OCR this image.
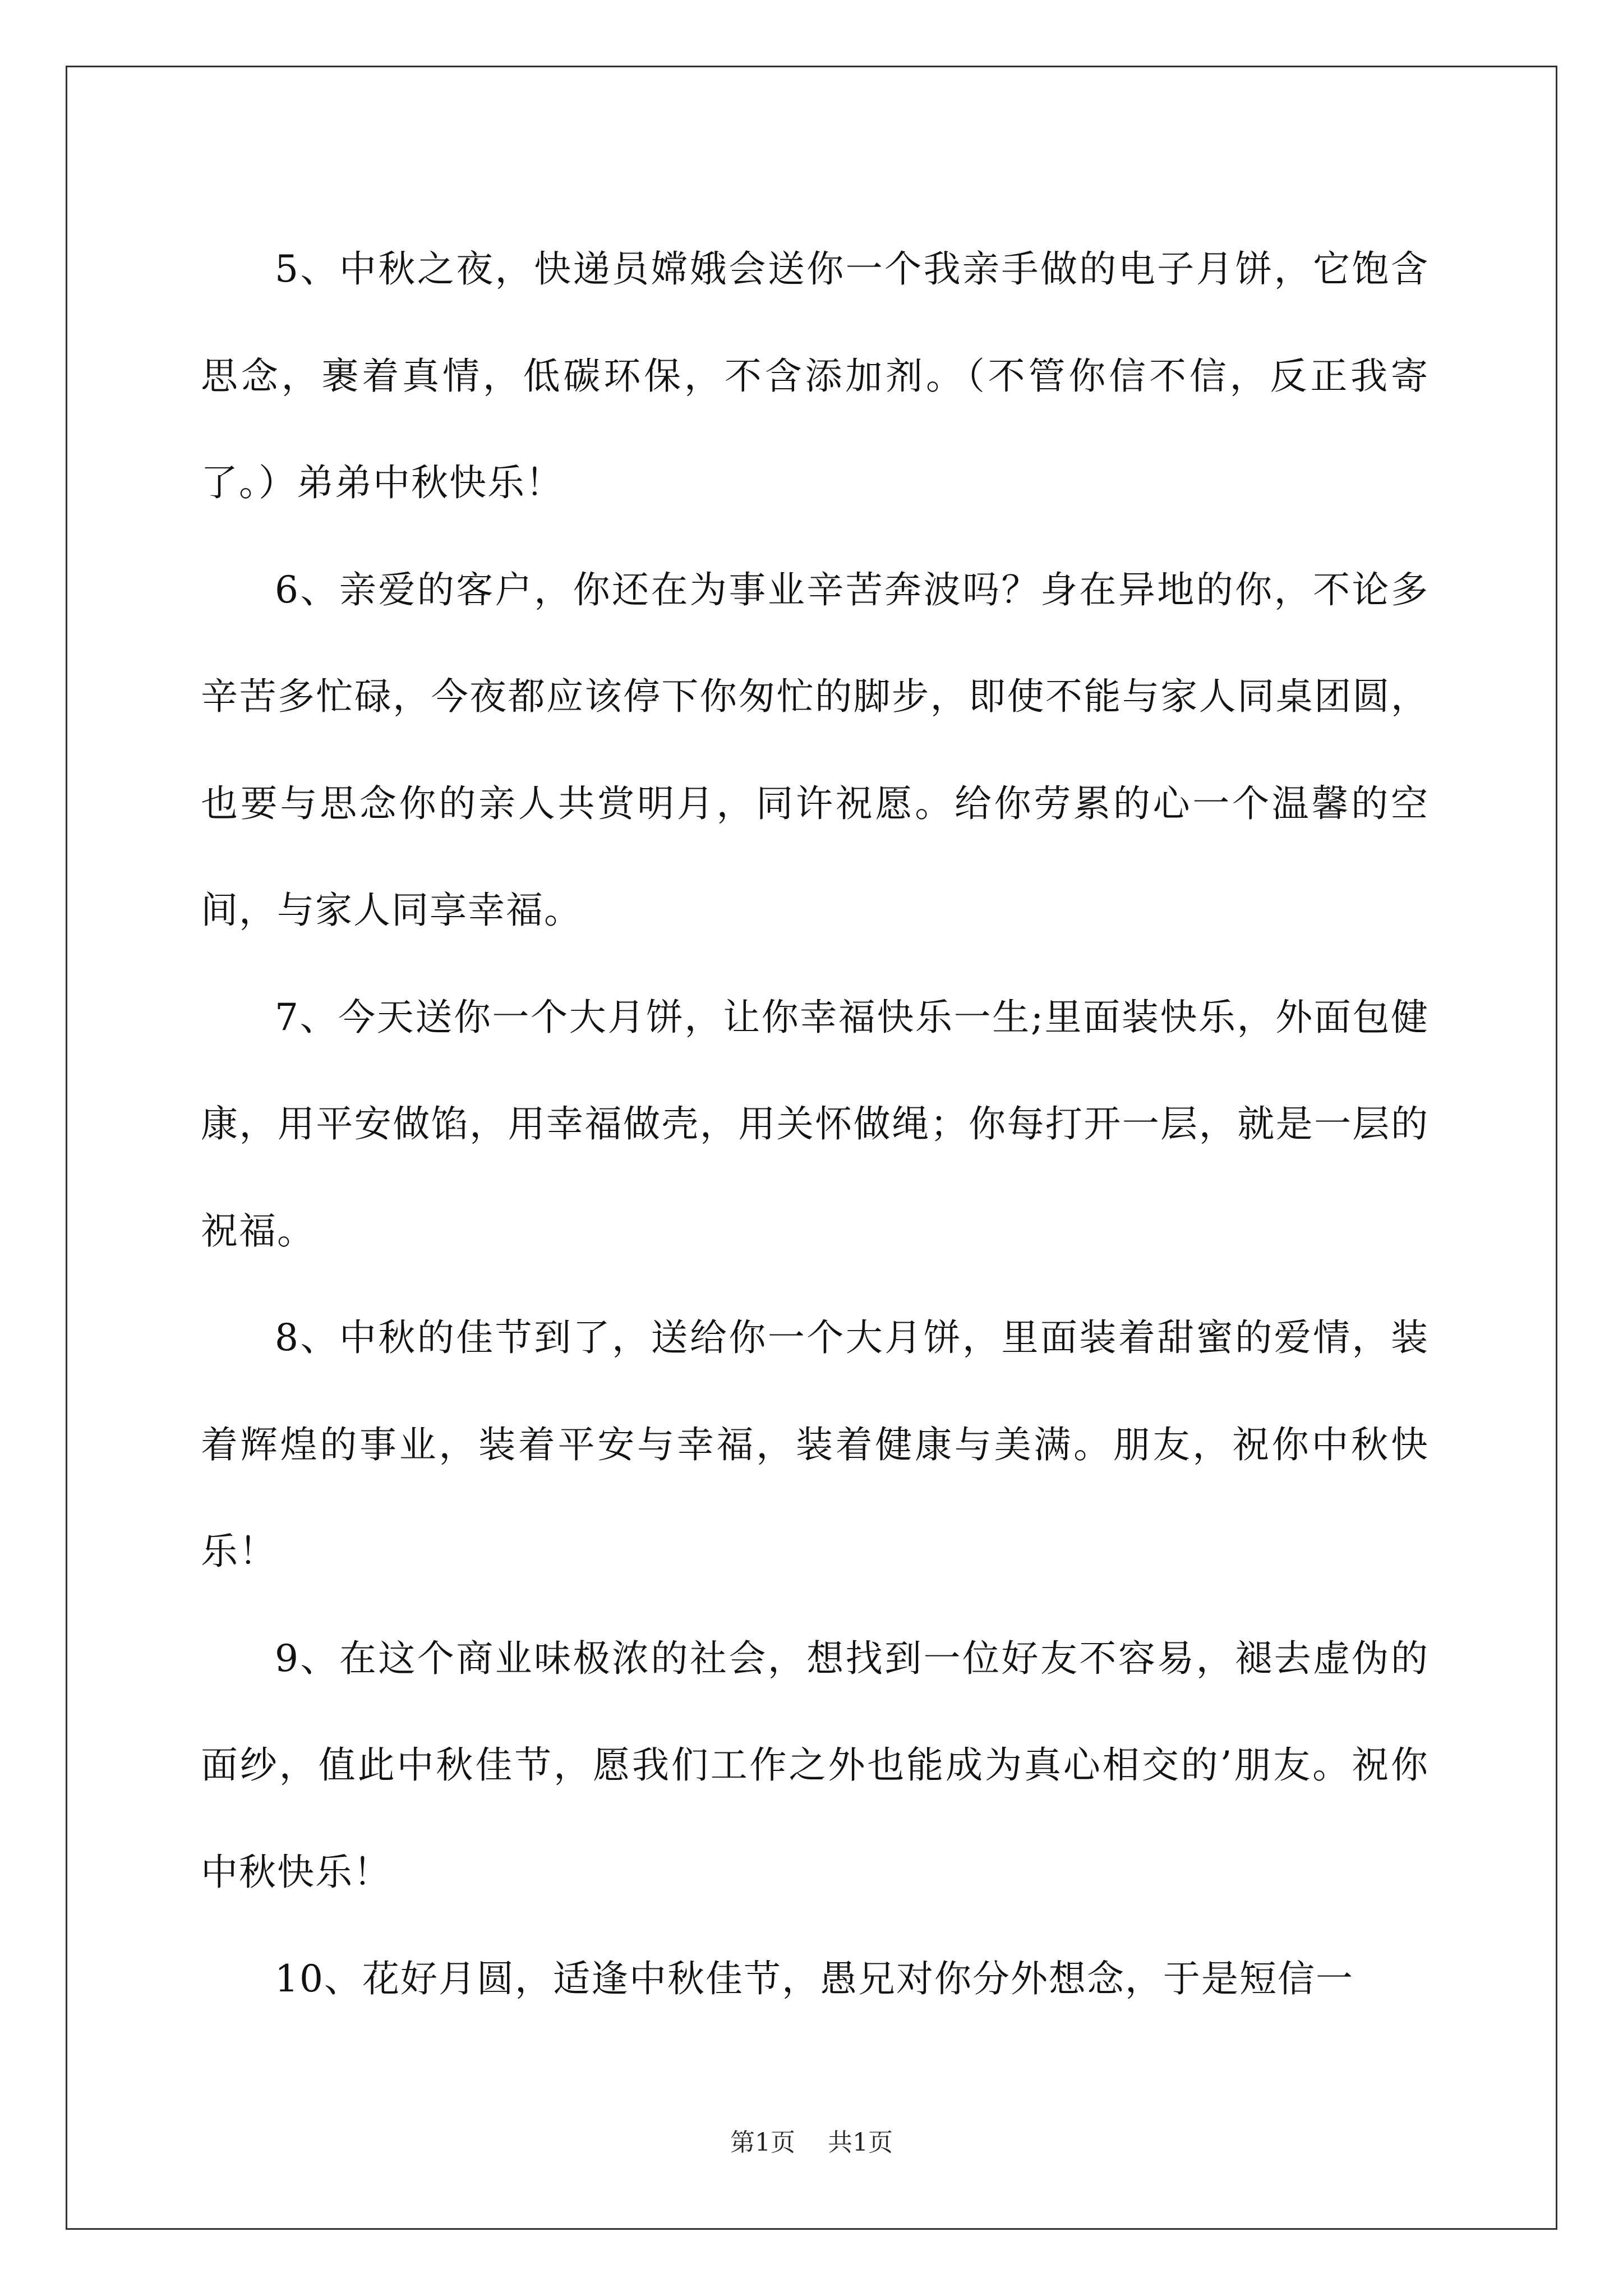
5、中秋之夜，快递员嫦娥会送你一个我亲手做的电子月饼，它饱含思念，裹着真情，低碳环保，不含添加剂。（不管你信不信，反正我寄了。）弟弟中秋快乐！

6、亲爱的客户，你还在为事业辛苦奔波吗？身在异地的你，不论多辛苦多忙碌，今夜都应该停下你匆忙的脚步，即使不能与家人同桌团圆，也要与思念你的亲人共赏明月，同许祝愿。给你劳累的心一个温馨的空间，与家人同享幸福。

7、今天送你一个大月饼，让你幸福快乐一生;里面装快乐，外面包健康，用平安做馅，用幸福做壳，用关怀做绳；你每打开一层，就是一层的祝福。

8、中秋的佳节到了，送给你一个大月饼，里面装着甜蜜的爱情，装着辉煌的事业，装着平安与幸福，装着健康与美满。朋友，祝你中秋快乐！

9、在这个商业味极浓的社会，想找到一位好友不容易，褪去虚伪的面纱，值此中秋佳节，愿我们工作之外也能成为真心相交的’朋友。祝你中秋快乐！

10、花好月圆，适逢中秋佳节，愚兄对你分外想念，于是短信一

第1页 共1页
